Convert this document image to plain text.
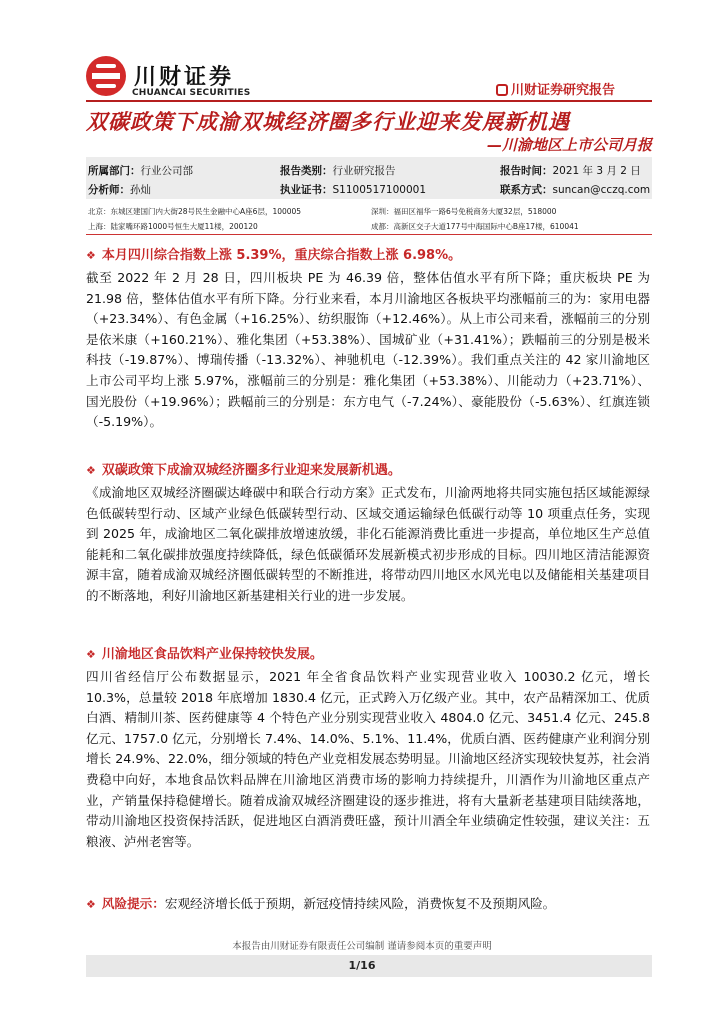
川财证券
CHUANCAI SECURITIES	川财证券研究报告
双碳政策下成渝双城经济圈多行业迎来发展新机遇
—川渝地区上市公司月报
所属部门：行业公司部	报告类别：行业研究报告	报告时间：2021 年 3 月 2 日
分析师：孙灿	执业证书：S1100517100001	联系方式：suncan@cczq.com
北京：东城区建国门内大街28号民生金融中心A座6层，100005	深圳：福田区福华一路6号免税商务大厦32层，518000
上海：陆家嘴环路1000号恒生大厦11楼，200120	成都：高新区交子大道177号中海国际中心B座17楼，610041
❖ 本月四川综合指数上涨 5.39%，重庆综合指数上涨 6.98%。
截至 2022 年 2 月 28 日，四川板块 PE 为 46.39 倍，整体估值水平有所下降；重庆板块 PE 为 21.98 倍，整体估值水平有所下降。分行业来看，本月川渝地区各板块平均涨幅前三的为：家用电器（+23.34%）、有色金属（+16.25%）、纺织服饰（+12.46%）。从上市公司来看，涨幅前三的分别是依米康（+160.21%）、雅化集团（+53.38%）、国城矿业（+31.41%）；跌幅前三的分别是极米科技（-19.87%）、博瑞传播（-13.32%）、神驰机电（-12.39%）。我们重点关注的 42 家川渝地区上市公司平均上涨 5.97%，涨幅前三的分别是：雅化集团（+53.38%）、川能动力（+23.71%）、国光股份（+19.96%）；跌幅前三的分别是：东方电气（-7.24%）、豪能股份（-5.63%）、红旗连锁（-5.19%）。
❖ 双碳政策下成渝双城经济圈多行业迎来发展新机遇。
《成渝地区双城经济圈碳达峰碳中和联合行动方案》正式发布，川渝两地将共同实施包括区域能源绿色低碳转型行动、区域产业绿色低碳转型行动、区域交通运输绿色低碳行动等 10 项重点任务，实现到 2025 年，成渝地区二氧化碳排放增速放缓，非化石能源消费比重进一步提高，单位地区生产总值能耗和二氧化碳排放强度持续降低，绿色低碳循环发展新模式初步形成的目标。四川地区清洁能源资源丰富，随着成渝双城经济圈低碳转型的不断推进，将带动四川地区水风光电以及储能相关基建项目的不断落地，利好川渝地区新基建相关行业的进一步发展。
❖ 川渝地区食品饮料产业保持较快发展。
四川省经信厅公布数据显示，2021 年全省食品饮料产业实现营业收入 10030.2 亿元，增长 10.3%，总量较 2018 年底增加 1830.4 亿元，正式跨入万亿级产业。其中，农产品精深加工、优质白酒、精制川茶、医药健康等 4 个特色产业分别实现营业收入 4804.0 亿元、3451.4 亿元、245.8 亿元、1757.0 亿元，分别增长 7.4%、14.0%、5.1%、11.4%，优质白酒、医药健康产业利润分别增长 24.9%、22.0%，细分领域的特色产业竞相发展态势明显。川渝地区经济实现较快复苏，社会消费稳中向好，本地食品饮料品牌在川渝地区消费市场的影响力持续提升，川酒作为川渝地区重点产业，产销量保持稳健增长。随着成渝双城经济圈建设的逐步推进，将有大量新老基建项目陆续落地，带动川渝地区投资保持活跃，促进地区白酒消费旺盛，预计川酒全年业绩确定性较强，建议关注：五粮液、泸州老窖等。
❖ 风险提示：宏观经济增长低于预期，新冠疫情持续风险，消费恢复不及预期风险。
本报告由川财证券有限责任公司编制 谨请参阅本页的重要声明
1/16
